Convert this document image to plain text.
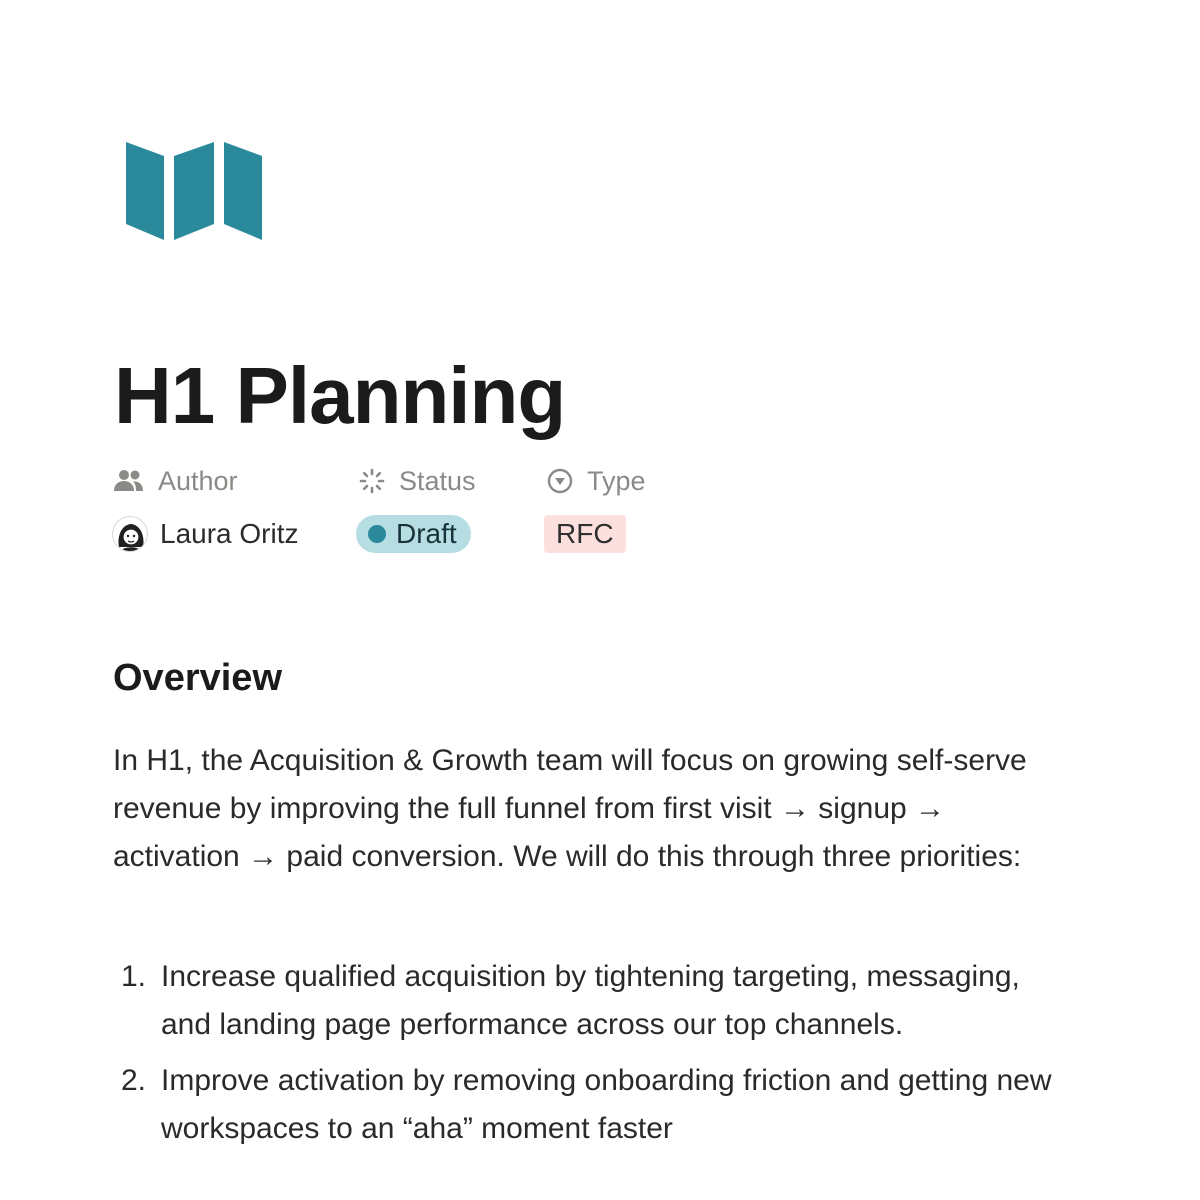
H1 Planning
Author
Laura Oritz
Status
Draft
Type
RFC
Overview

In H1, the Acquisition & Growth team will focus on growing self-serve revenue by improving the full funnel from first visit → signup → activation → paid conversion. We will do this through three priorities:

1. Increase qualified acquisition by tightening targeting, messaging, and landing page performance across our top channels.
2. Improve activation by removing onboarding friction and getting new workspaces to an “aha” moment faster
